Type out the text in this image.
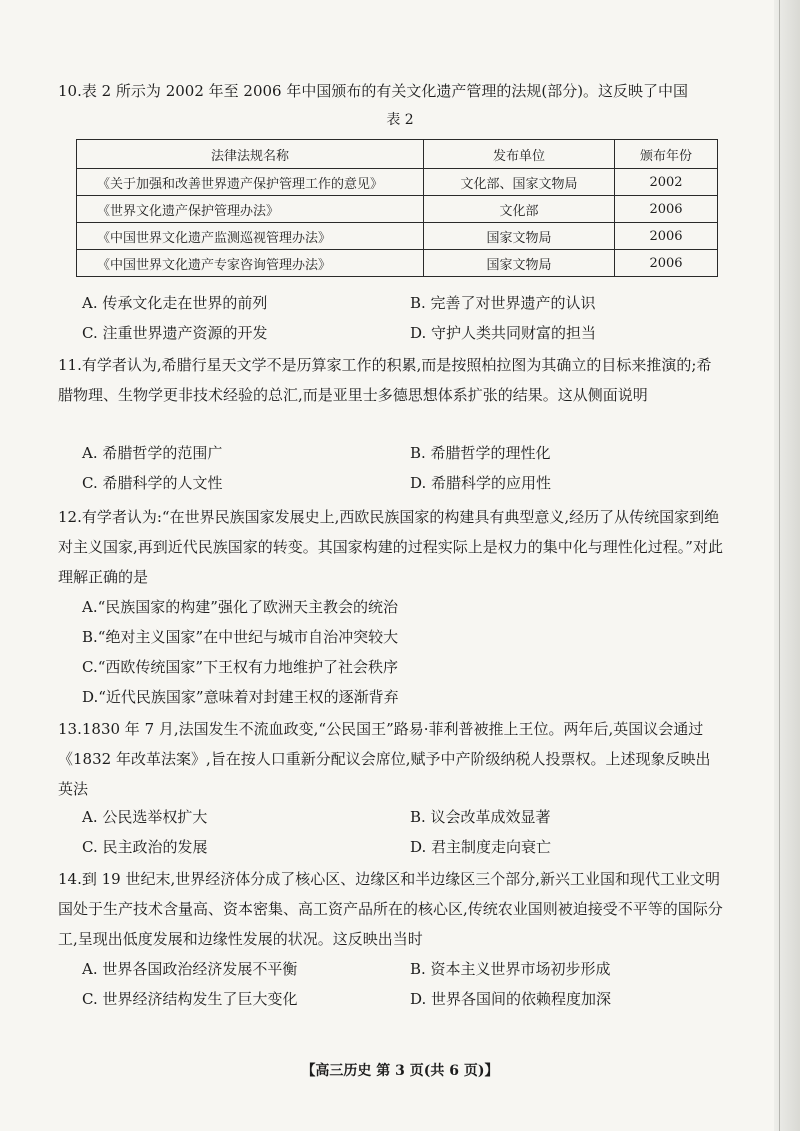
10.表 2 所示为 2002 年至 2006 年中国颁布的有关文化遗产管理的法规(部分)。这反映了中国
表 2
法律法规名称	发布单位	颁布年份
《关于加强和改善世界遗产保护管理工作的意见》	文化部、国家文物局	2002
《世界文化遗产保护管理办法》	文化部	2006
《中国世界文化遗产监测巡视管理办法》	国家文物局	2006
《中国世界文化遗产专家咨询管理办法》	国家文物局	2006
A. 传承文化走在世界的前列	B. 完善了对世界遗产的认识
C. 注重世界遗产资源的开发	D. 守护人类共同财富的担当
11.有学者认为,希腊行星天文学不是历算家工作的积累,而是按照柏拉图为其确立的目标来推演的;希腊物理、生物学更非技术经验的总汇,而是亚里士多德思想体系扩张的结果。这从侧面说明
A. 希腊哲学的范围广	B. 希腊哲学的理性化
C. 希腊科学的人文性	D. 希腊科学的应用性
12.有学者认为:“在世界民族国家发展史上,西欧民族国家的构建具有典型意义,经历了从传统国家到绝对主义国家,再到近代民族国家的转变。其国家构建的过程实际上是权力的集中化与理性化过程。”对此理解正确的是
A.“民族国家的构建”强化了欧洲天主教会的统治
B.“绝对主义国家”在中世纪与城市自治冲突较大
C.“西欧传统国家”下王权有力地维护了社会秩序
D.“近代民族国家”意味着对封建王权的逐渐背弃
13.1830 年 7 月,法国发生不流血政变,“公民国王”路易·菲利普被推上王位。两年后,英国议会通过《1832 年改革法案》,旨在按人口重新分配议会席位,赋予中产阶级纳税人投票权。上述现象反映出英法
A. 公民选举权扩大	B. 议会改革成效显著
C. 民主政治的发展	D. 君主制度走向衰亡
14.到 19 世纪末,世界经济体分成了核心区、边缘区和半边缘区三个部分,新兴工业国和现代工业文明国处于生产技术含量高、资本密集、高工资产品所在的核心区,传统农业国则被迫接受不平等的国际分工,呈现出低度发展和边缘性发展的状况。这反映出当时
A. 世界各国政治经济发展不平衡	B. 资本主义世界市场初步形成
C. 世界经济结构发生了巨大变化	D. 世界各国间的依赖程度加深
【高三历史 第 3 页(共 6 页)】
